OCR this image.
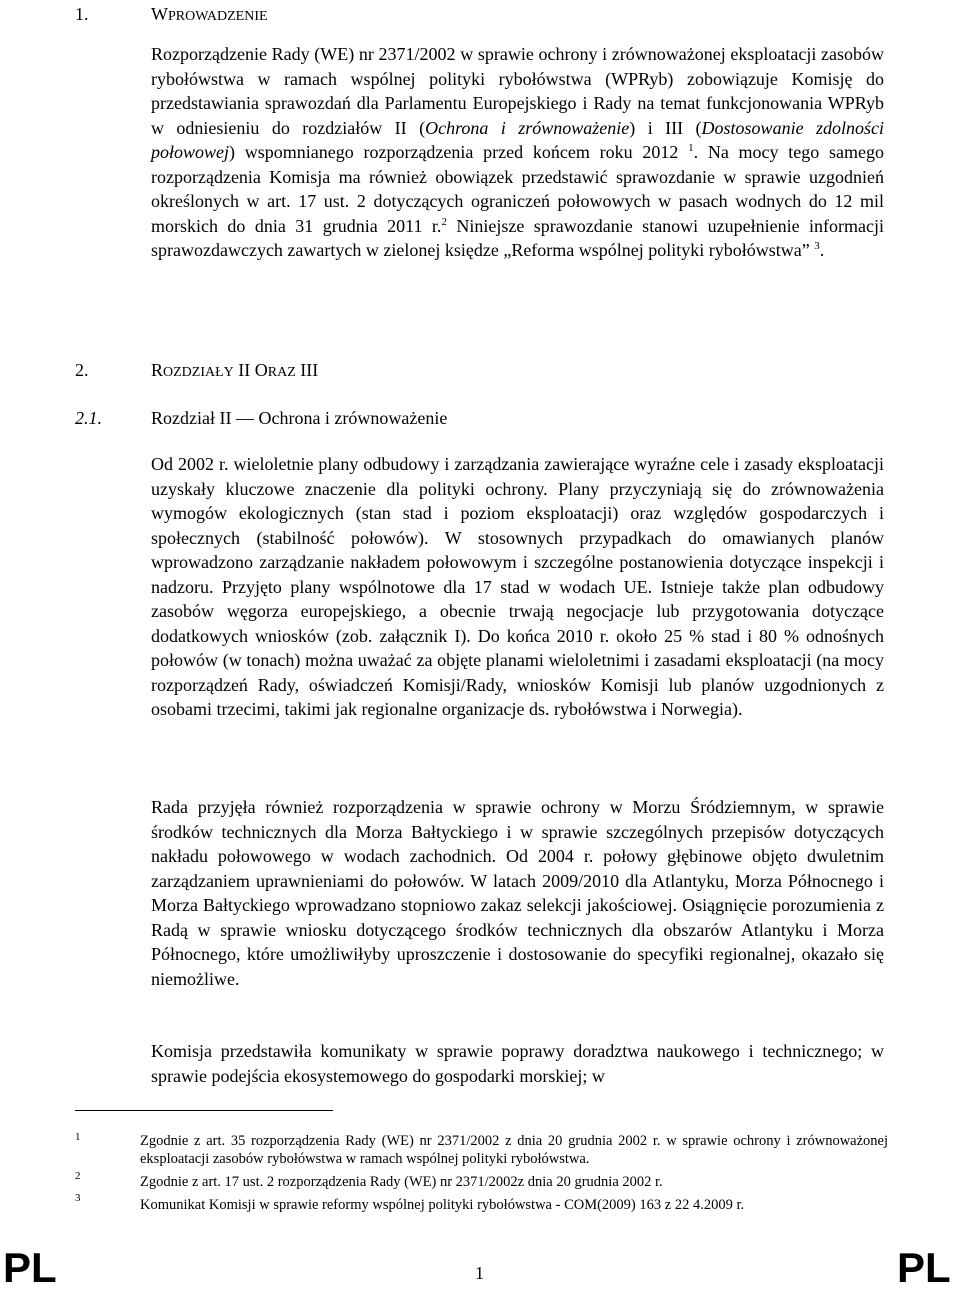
1.	WPROWADZENIE

Rozporządzenie Rady (WE) nr 2371/2002 w sprawie ochrony i zrównoważonej eksploatacji zasobów rybołówstwa w ramach wspólnej polityki rybołówstwa (WPRyb) zobowiązuje Komisję do przedstawiania sprawozdań dla Parlamentu Europejskiego i Rady na temat funkcjonowania WPRyb w odniesieniu do rozdziałów II (Ochrona i zrównoważenie) i III (Dostosowanie zdolności połowowej) wspomnianego rozporządzenia przed końcem roku 2012 $^1$. Na mocy tego samego rozporządzenia Komisja ma również obowiązek przedstawić sprawozdanie w sprawie uzgodnień określonych w art. 17 ust. 2 dotyczących ograniczeń połowowych w pasach wodnych do 12 mil morskich do dnia 31 grudnia 2011 r.$^2$ Niniejsze sprawozdanie stanowi uzupełnienie informacji sprawozdawczych zawartych w zielonej księdze „Reforma wspólnej polityki rybołówstwa” $^3$.

2.	ROZDZIAŁY II ORAZ III
2.1.	Rozdział II — Ochrona i zrównoważenie

Od 2002 r. wieloletnie plany odbudowy i zarządzania zawierające wyraźne cele i zasady eksploatacji uzyskały kluczowe znaczenie dla polityki ochrony. Plany przyczyniają się do zrównoważenia wymogów ekologicznych (stan stad i poziom eksploatacji) oraz względów gospodarczych i społecznych (stabilność połowów). W stosownych przypadkach do omawianych planów wprowadzono zarządzanie nakładem połowowym i szczególne postanowienia dotyczące inspekcji i nadzoru. Przyjęto plany wspólnotowe dla 17 stad w wodach UE. Istnieje także plan odbudowy zasobów węgorza europejskiego, a obecnie trwają negocjacje lub przygotowania dotyczące dodatkowych wniosków (zob. załącznik I). Do końca 2010 r. około 25 % stad i 80 % odnośnych połowów (w tonach) można uważać za objęte planami wieloletnimi i zasadami eksploatacji (na mocy rozporządzeń Rady, oświadczeń Komisji/Rady, wniosków Komisji lub planów uzgodnionych z osobami trzecimi, takimi jak regionalne organizacje ds. rybołówstwa i Norwegia).

Rada przyjęła również rozporządzenia w sprawie ochrony w Morzu Śródziemnym, w sprawie środków technicznych dla Morza Bałtyckiego i w sprawie szczególnych przepisów dotyczących nakładu połowowego w wodach zachodnich. Od 2004 r. połowy głębinowe objęto dwuletnim zarządzaniem uprawnieniami do połowów. W latach 2009/2010 dla Atlantyku, Morza Północnego i Morza Bałtyckiego wprowadzano stopniowo zakaz selekcji jakościowej. Osiągnięcie porozumienia z Radą w sprawie wniosku dotyczącego środków technicznych dla obszarów Atlantyku i Morza Północnego, które umożliwiłyby uproszczenie i dostosowanie do specyfiki regionalnej, okazało się niemożliwe.

Komisja przedstawiła komunikaty w sprawie poprawy doradztwa naukowego i technicznego; w sprawie podejścia ekosystemowego do gospodarki morskiej; w

1	Zgodnie z art. 35 rozporządzenia Rady (WE) nr 2371/2002 z dnia 20 grudnia 2002 r. w sprawie ochrony i zrównoważonej eksploatacji zasobów rybołówstwa w ramach wspólnej polityki rybołówstwa.
2	Zgodnie z art. 17 ust. 2 rozporządzenia Rady (WE) nr 2371/2002z dnia 20 grudnia 2002 r.
3	Komunikat Komisji w sprawie reformy wspólnej polityki rybołówstwa - COM(2009) 163 z 22 4.2009 r.
PL	1	PL
